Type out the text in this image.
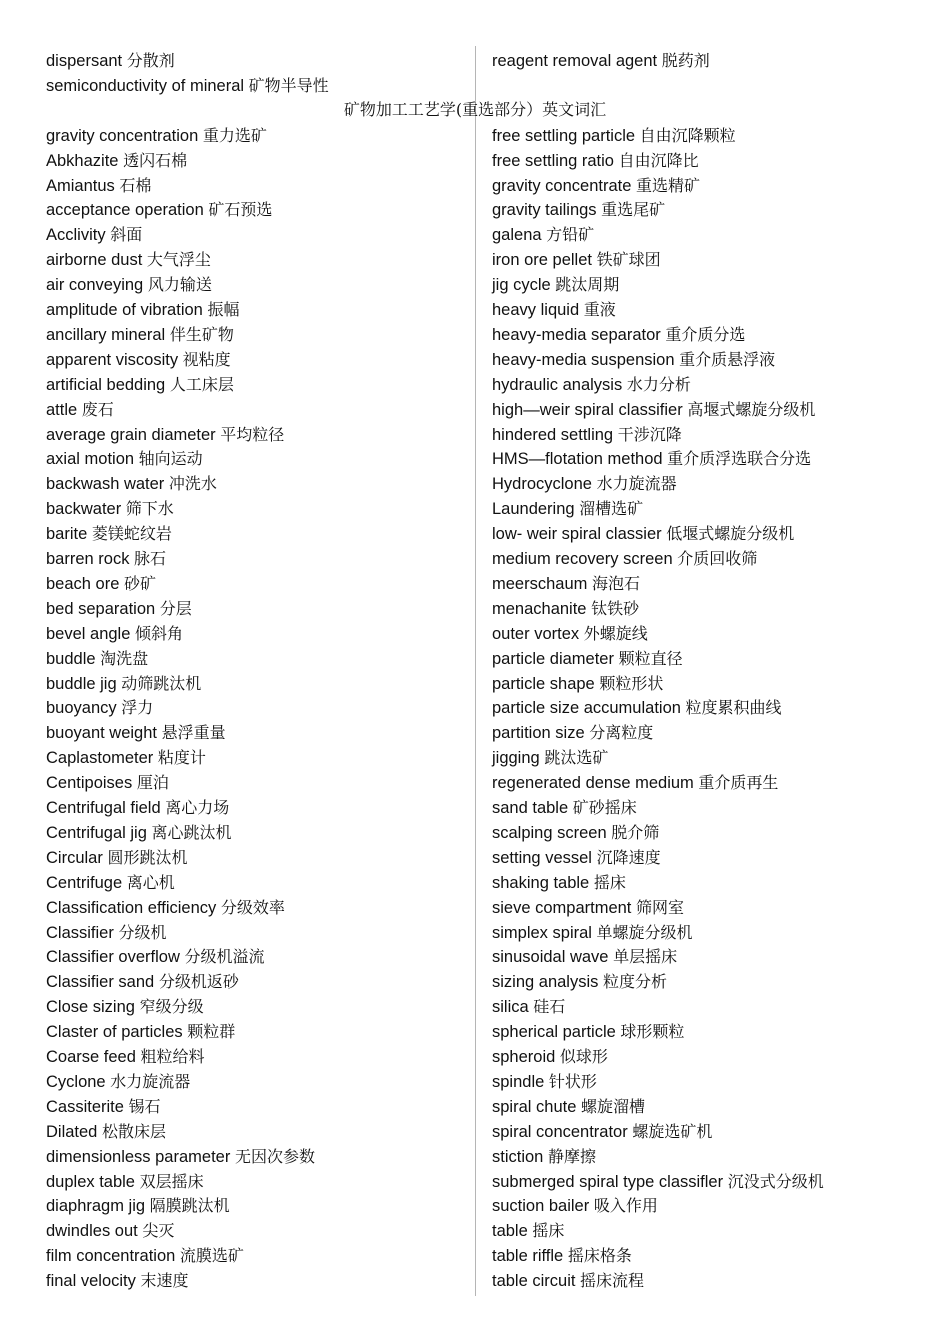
矿物加工工艺学(重选部分）英文词汇
dispersant 分散剂
semiconductivity of mineral 矿物半导性
reagent removal agent 脱药剂
gravity concentration 重力选矿
Abkhazite 透闪石棉
Amiantus 石棉
acceptance operation 矿石预选
Acclivity 斜面
airborne dust 大气浮尘
air conveying 风力输送
amplitude of vibration 振幅
ancillary mineral 伴生矿物
apparent viscosity 视粘度
artificial bedding 人工床层
attle 废石
average grain diameter 平均粒径
axial motion 轴向运动
backwash water 冲洗水
backwater 筛下水
barite 菱镁蛇纹岩
barren rock 脉石
beach ore 砂矿
bed separation 分层
bevel angle 倾斜角
buddle 淘洗盘
buddle jig 动筛跳汰机
buoyancy 浮力
buoyant weight 悬浮重量
Caplastometer 粘度计
Centipoises 厘泊
Centrifugal field 离心力场
Centrifugal jig 离心跳汰机
Circular 圆形跳汰机
Centrifuge 离心机
Classification efficiency 分级效率
Classifier 分级机
Classifier overflow 分级机溢流
Classifier sand 分级机返砂
Close sizing 窄级分级
Claster of particles 颗粒群
Coarse feed 粗粒给料
Cyclone 水力旋流器
Cassiterite 锡石
Dilated 松散床层
dimensionless parameter 无因次参数
duplex table 双层摇床
diaphragm jig 隔膜跳汰机
dwindles out 尖灭
film concentration 流膜选矿
final velocity 末速度
free settling particle 自由沉降颗粒
free settling ratio 自由沉降比
gravity concentrate 重选精矿
gravity tailings 重选尾矿
galena 方铅矿
iron ore pellet 铁矿球团
jig cycle 跳汰周期
heavy liquid 重液
heavy-media separator 重介质分选
heavy-media suspension 重介质悬浮液
hydraulic analysis 水力分析
high—weir spiral classifier 高堰式螺旋分级机
hindered settling 干涉沉降
HMS—flotation method 重介质浮选联合分选
Hydrocyclone 水力旋流器
Laundering 溜槽选矿
low- weir spiral classier 低堰式螺旋分级机
medium recovery screen 介质回收筛
meerschaum 海泡石
menachanite 钛铁砂
outer vortex 外螺旋线
particle diameter 颗粒直径
particle shape 颗粒形状
particle size accumulation 粒度累积曲线
partition size 分离粒度
jigging 跳汰选矿
regenerated dense medium 重介质再生
sand table 矿砂摇床
scalping screen 脱介筛
setting vessel 沉降速度
shaking table 摇床
sieve compartment 筛网室
simplex spiral 单螺旋分级机
sinusoidal wave 单层摇床
sizing analysis 粒度分析
silica 硅石
spherical particle 球形颗粒
spheroid 似球形
spindle 针状形
spiral chute 螺旋溜槽
spiral concentrator 螺旋选矿机
stiction 静摩擦
submerged spiral type classifler 沉没式分级机
suction bailer 吸入作用
table 摇床
table riffle 摇床格条
table circuit 摇床流程
